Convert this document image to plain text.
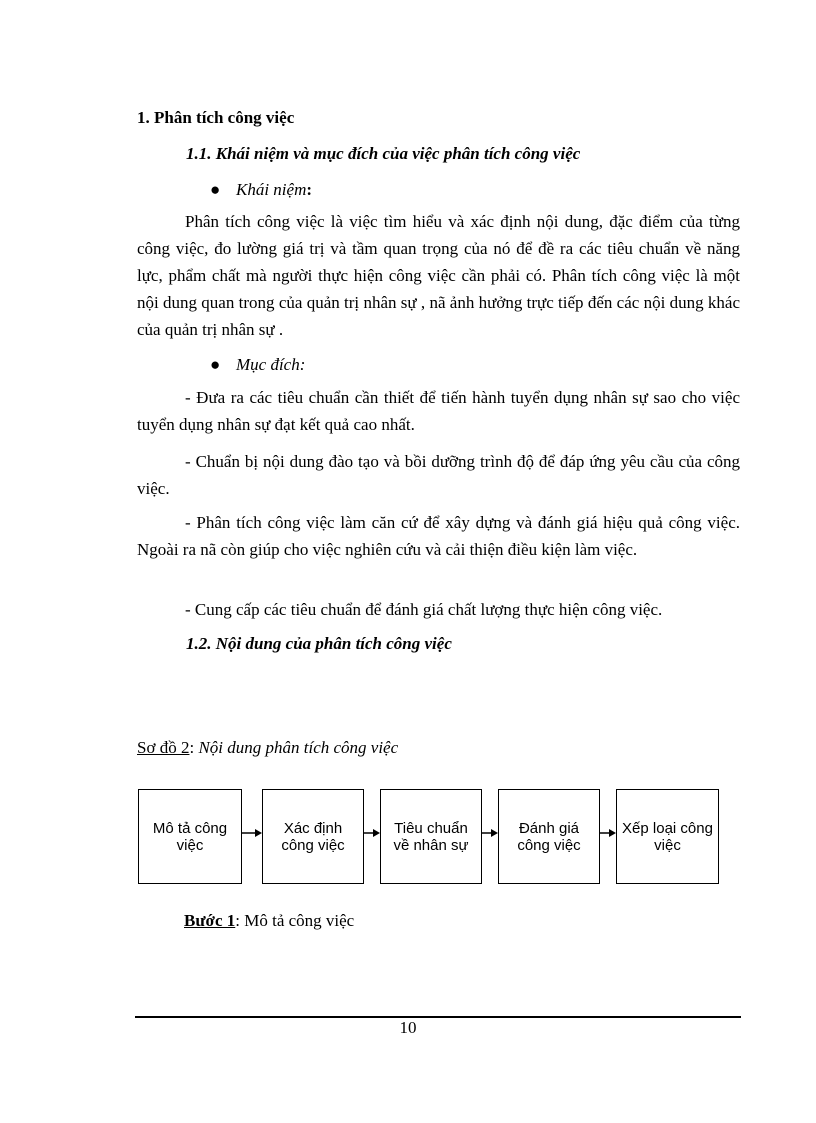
1. Phân tích công việc
1.1. Khái niệm và mục đích của việc phân tích công việc
● Khái niệm:
Phân tích công việc là việc tìm hiểu và xác định nội dung, đặc điểm của từng công việc, đo lường giá trị và tầm quan trọng của nó để đề ra các tiêu chuẩn về năng lực, phẩm chất mà người thực hiện công việc cần phải có. Phân tích công việc là một nội dung quan trong của quản trị nhân sự , nã ảnh hưởng trực tiếp đến các nội dung khác của quản trị nhân sự .
● Mục đích:
- Đưa ra các tiêu chuẩn cần thiết để tiến hành tuyển dụng nhân sự sao cho việc tuyển dụng nhân sự đạt kết quả cao nhất.
- Chuẩn bị nội dung đào tạo và bồi dưỡng trình độ để đáp ứng yêu cầu của công việc.
- Phân tích công việc làm căn cứ để xây dựng và đánh giá hiệu quả công việc. Ngoài ra nã còn giúp cho việc nghiên cứu và cải thiện điều kiện làm việc.
- Cung cấp các tiêu chuẩn để đánh giá chất lượng thực hiện công việc.
1.2. Nội dung của phân tích công việc
Sơ đồ 2: Nội dung phân tích công việc
Mô tả công việc
Xác định công việc
Tiêu chuẩn về nhân sự
Đánh giá công việc
Xếp loại công việc
Bước 1: Mô tả công việc
10
